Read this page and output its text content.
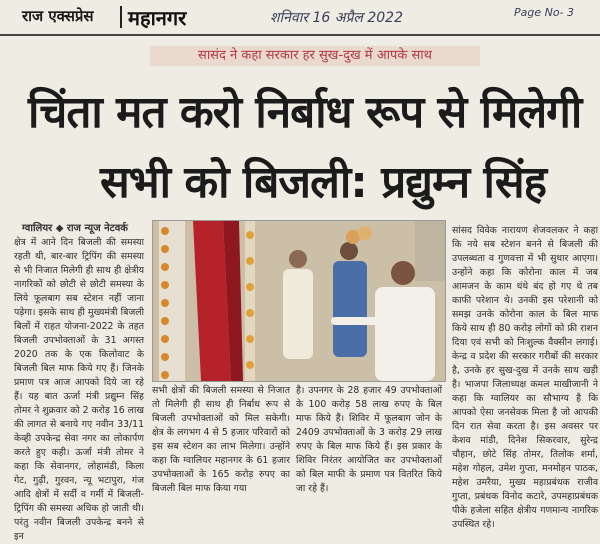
राज एक्सप्रेस महानगर	शनिवार 16 अप्रैल 2022	Page No- 3
सासंद ने कहा सरकार हर सुख-दुख में आपके साथ
चिंता मत करो निर्बाध रूप से मिलेगी
सभी को बिजली: प्रद्युम्न सिंह
ग्वालियर ◆ राज न्यूज नेटवर्क
क्षेत्र में आने दिन बिजली की समस्या रहती थी, बार-बार ट्रिपिंग की समस्या से भी निजात मिलेगी ही साथ ही क्षेत्रीय नागरिकों को छोटी से छोटी समस्या के लिये फूलबाग सब स्टेशन नहीं जाना पड़ेगा। इसके साथ ही मुख्यमंत्री बिजली बिलों में राहत योजना-2022 के तहत बिजली उपभोक्ताओं के 31 अगस्त 2020 तक के एक किलोवाट के बिजली बिल माफ किये गए हैं। जिनके प्रमाण पत्र आज आपको दिये जा रहे हैं। यह बात ऊर्जा मंत्री प्रद्युम्न सिंह तोमर ने शुक्रवार को 2 करोड़ 16 लाख की लागत से बनाये गए नवीन 33/11 केव्ही उपकेन्द्र सेवा नगर का लोकार्पण करते हुए कही। ऊर्जा मंत्री तोमर ने कहा कि सेवानगर, लोहामंडी, किला गेट, गुढ़ी, गुरवन, न्यू भटापुरा, गंज आदि क्षेत्रों में सर्दी व गर्मी में बिजली-ट्रिपिंग की समस्या अधिक हो जाती थी। परंतु नवीन बिजली उपकेन्द्र बनने से इन
सभी क्षेत्रों की बिजली समस्या से निजात तो मिलेगी ही साथ ही निर्बाध रूप से बिजली उपभोक्ताओं को मिल सकेगी। क्षेत्र के लगभग 4 से 5 हजार परिवारों को इस सब स्टेशन का लाभ मिलेगा। उन्होंने कहा कि ग्वालियर महानगर के 61 हजार उपभोक्ताओं के 165 करोड़ रुपए का बिजली बिल माफ किया गया
है। उपनगर के 28 हजार 49 उपभोक्ताओं के 100 करोड़ 58 लाख रुपए के बिल माफ किये हैं। शिविर में फूलबाग जोन के 2409 उपभोक्ताओं के 3 करोड़ 29 लाख रुपए के बिल माफ किये हैं। इस प्रकार के शिविर निरंतर आयोजित कर उपभोक्ताओं को बिल माफी के प्रमाण पत्र वितरित किये जा रहे हैं।
सांसद विवेक नारायण शेजवलकर ने कहा कि नये सब स्टेशन बनने से बिजली की उपलब्धता व गुणवत्ता में भी सुधार आएगा। उन्होंने कहा कि कोरोना काल में जब आमजन के काम धंधे बंद हो गए थे तब काफी परेशान थे। उनकी इस परेशानी को समझ उनके कोरोना काल के बिल माफ किये साथ ही 80 करोड़ लोगों को फ्री राशन दिया एवं सभी को निःशुल्क वैक्सीन लगाई। केन्द्र व प्रदेश की सरकार गरीबों की सरकार है, उनके हर सुख-दुख में उनके साथ खड़ी है। भाजपा जिलाध्यक्ष कमल माखीजानी ने कहा कि ग्वालियर का सौभाग्य है कि आपको ऐसा जनसेवक मिला है जो आपकी दिन रात सेवा करता है। इस अवसर पर केशव मांडी, दिनेश सिकरवार, सुरेन्द्र चौहान, छोटे सिंह तोमर, तिलोक शर्मा, महेश गोहल, उमेश गुप्ता, मनमोहन पाठक, महेश उमरैया, मुख्य महाप्रबंधक राजीव गुप्ता, प्रबंधक विनोद कटारे, उपमहाप्रबंधक पीके हजेला सहित क्षेत्रीय गणमान्य नागरिक उपस्थित रहे।
